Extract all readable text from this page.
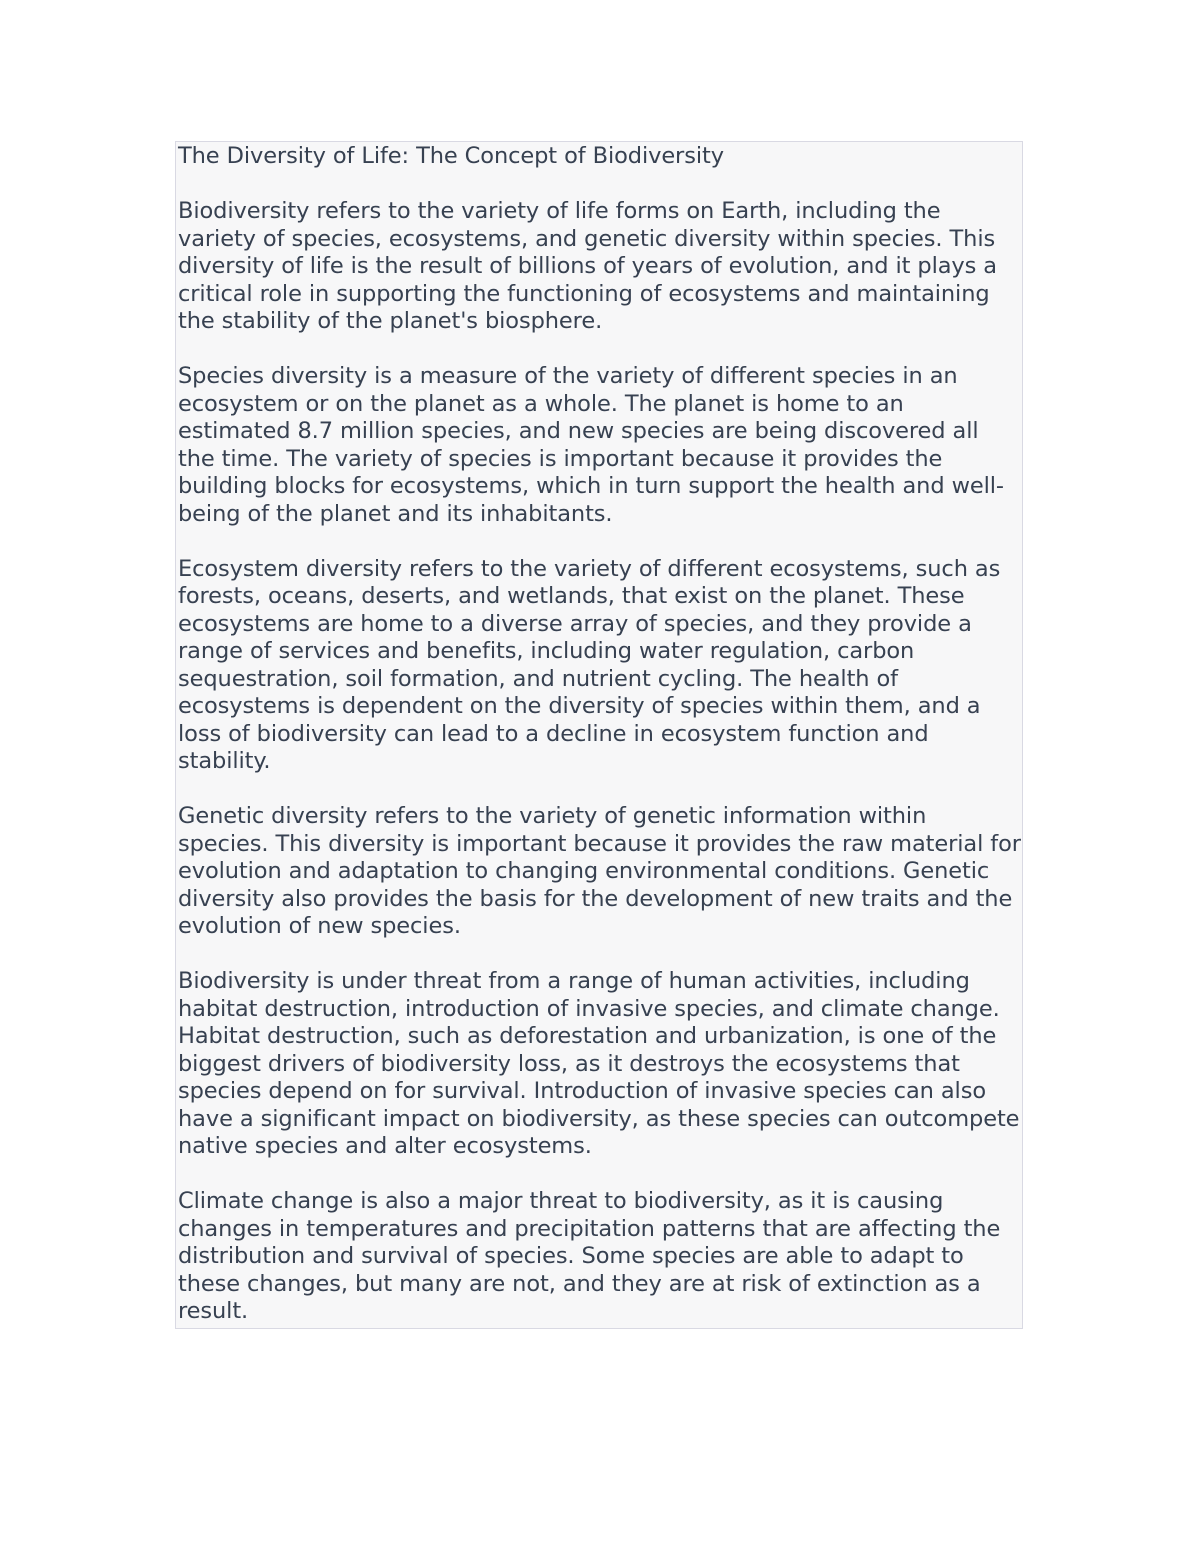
The Diversity of Life: The Concept of Biodiversity

Biodiversity refers to the variety of life forms on Earth, including the variety of species, ecosystems, and genetic diversity within species. This diversity of life is the result of billions of years of evolution, and it plays a critical role in supporting the functioning of ecosystems and maintaining the stability of the planet's biosphere.

Species diversity is a measure of the variety of different species in an ecosystem or on the planet as a whole. The planet is home to an estimated 8.7 million species, and new species are being discovered all the time. The variety of species is important because it provides the building blocks for ecosystems, which in turn support the health and well-being of the planet and its inhabitants.

Ecosystem diversity refers to the variety of different ecosystems, such as forests, oceans, deserts, and wetlands, that exist on the planet. These ecosystems are home to a diverse array of species, and they provide a range of services and benefits, including water regulation, carbon sequestration, soil formation, and nutrient cycling. The health of ecosystems is dependent on the diversity of species within them, and a loss of biodiversity can lead to a decline in ecosystem function and stability.

Genetic diversity refers to the variety of genetic information within species. This diversity is important because it provides the raw material for evolution and adaptation to changing environmental conditions. Genetic diversity also provides the basis for the development of new traits and the evolution of new species.

Biodiversity is under threat from a range of human activities, including habitat destruction, introduction of invasive species, and climate change. Habitat destruction, such as deforestation and urbanization, is one of the biggest drivers of biodiversity loss, as it destroys the ecosystems that species depend on for survival. Introduction of invasive species can also have a significant impact on biodiversity, as these species can outcompete native species and alter ecosystems.

Climate change is also a major threat to biodiversity, as it is causing changes in temperatures and precipitation patterns that are affecting the distribution and survival of species. Some species are able to adapt to these changes, but many are not, and they are at risk of extinction as a result.
